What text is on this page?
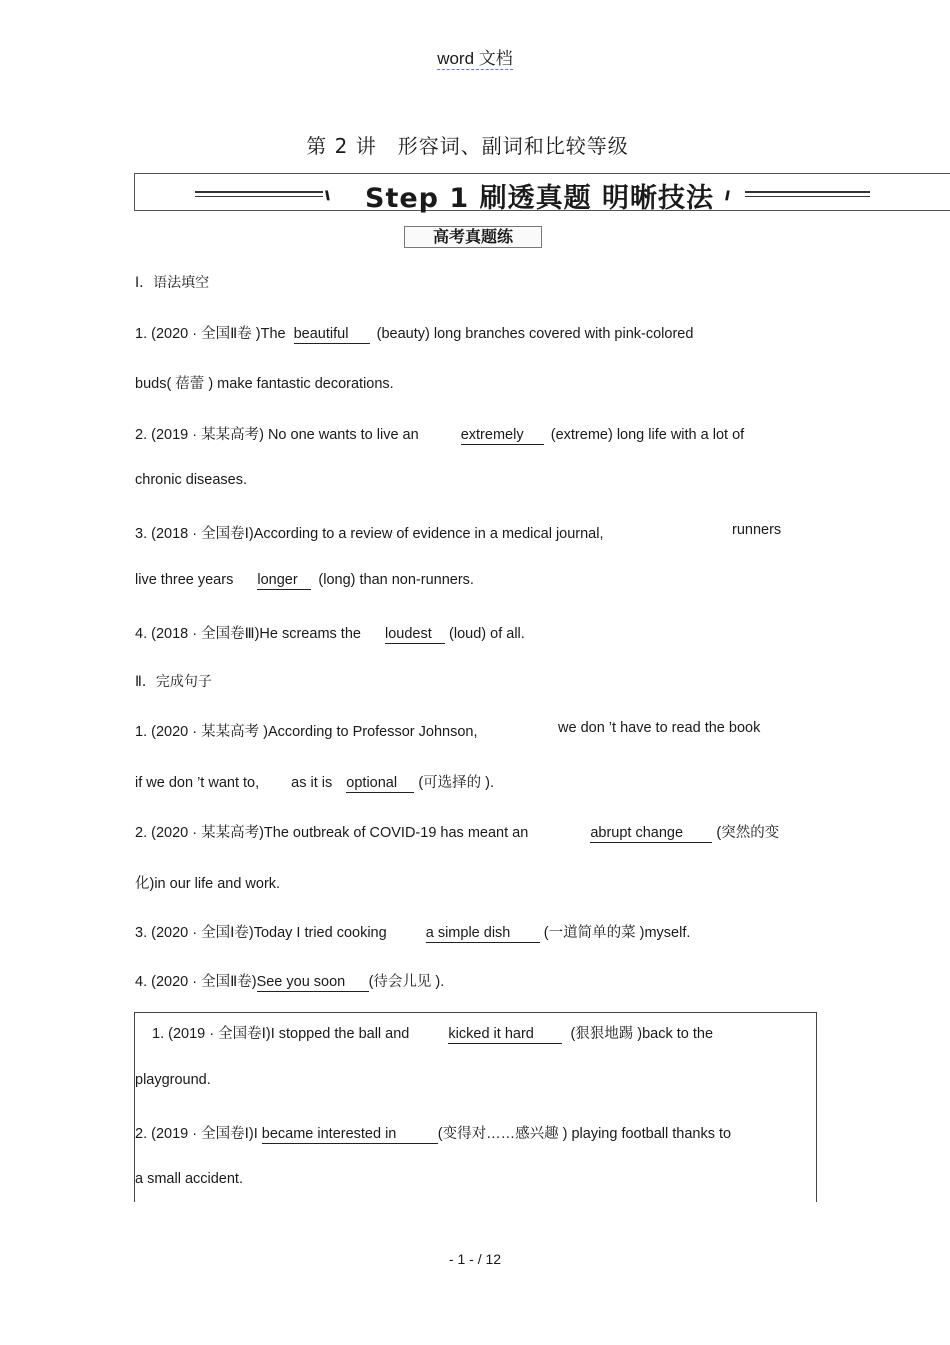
word 文档
第 2 讲　形容词、副词和比较等级
\\\ Step 1 刷透真题 明晰技法 ///
高考真题练
Ⅰ．语法填空
1. (2020 · 全国Ⅱ卷 )The beautiful (beauty) long branches covered with pink-colored
buds( 蓓蕾 ) make fantastic decorations.
2. (2019 · 某某高考) No one wants to live an	extremely (extreme) long life with a lot of
chronic diseases.
3. (2018 · 全国卷Ⅰ)According to a review of evidence in a medical journal,	runners
live three years longer (long) than non-runners.
4. (2018 · 全国卷Ⅲ)He screams the loudest (loud) of all.
Ⅱ．完成句子
1. (2020 · 某某高考 )According to Professor Johnson,	we don ’t have to read the book
if we don ’t want to, as it is optional (可选择的 ).
2. (2020 · 某某高考)The outbreak of COVID-19 has meant an	abrupt change (突然的变
化)in our life and work.
3. (2020 · 全国Ⅰ卷)Today I tried cooking	a simple dish (一道简单的菜 )myself.
4. (2020 · 全国Ⅱ卷)See you soon (待会儿见 ).
1. (2019 · 全国卷Ⅰ)I stopped the ball and	kicked it hard	(狠狠地踢 )back to the
playground.
2. (2019 · 全国卷Ⅰ)I became interested in	(变得对……感兴趣 ) playing football thanks to
a small accident.
- 1 - / 12
